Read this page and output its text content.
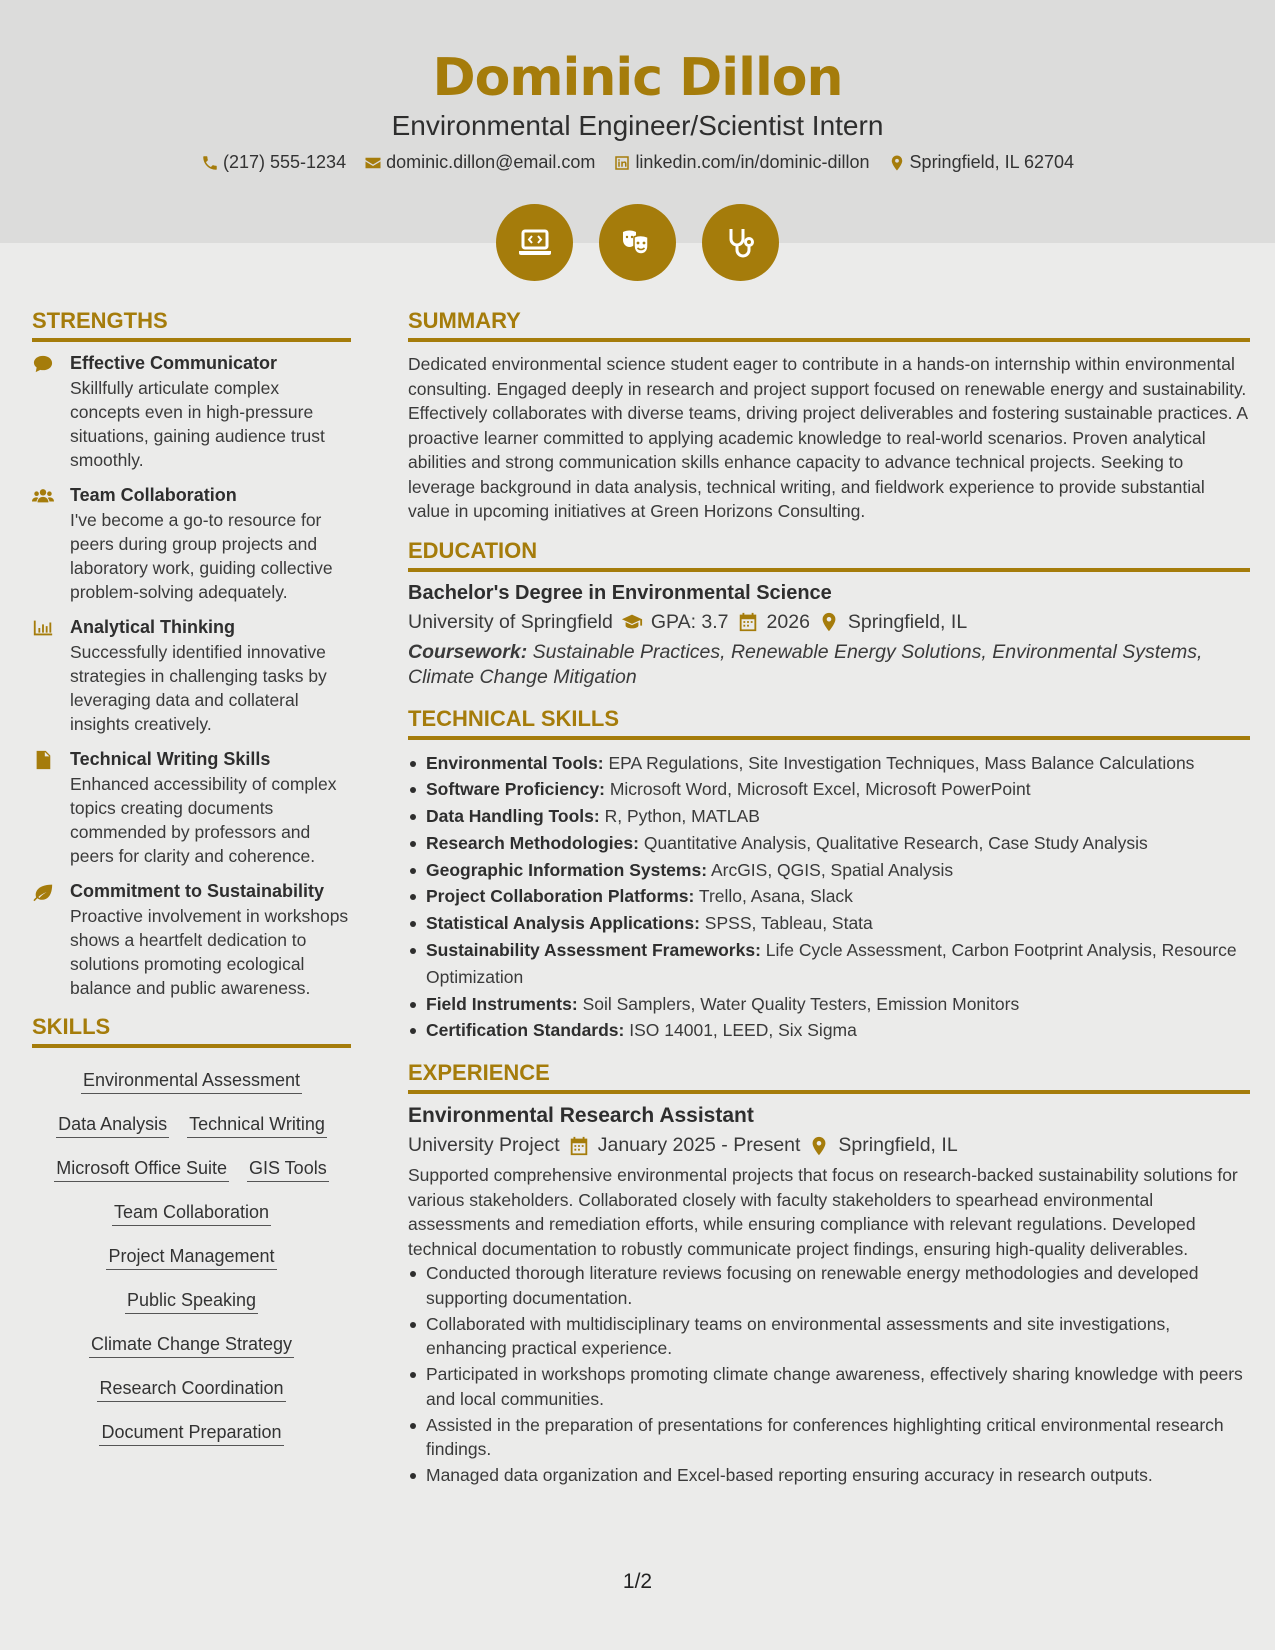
Dominic Dillon
Environmental Engineer/Scientist Intern
(217) 555-1234 dominic.dillon@email.com linkedin.com/in/dominic-dillon Springfield, IL 62704
STRENGTHS
Effective Communicator

Skillfully articulate complex concepts even in high-pressure situations, gaining audience trust smoothly.

Team Collaboration

I've become a go-to resource for peers during group projects and laboratory work, guiding collective problem-solving adequately.

Analytical Thinking

Successfully identified innovative strategies in challenging tasks by leveraging data and collateral insights creatively.

Technical Writing Skills

Enhanced accessibility of complex topics creating documents commended by professors and peers for clarity and coherence.

Commitment to Sustainability

Proactive involvement in workshops shows a heartfelt dedication to solutions promoting ecological balance and public awareness.

SKILLS
Environmental Assessment
Data Analysis Technical Writing
Microsoft Office Suite GIS Tools
Team Collaboration
Project Management
Public Speaking
Climate Change Strategy
Research Coordination
Document Preparation
SUMMARY

Dedicated environmental science student eager to contribute in a hands-on internship within environmental consulting. Engaged deeply in research and project support focused on renewable energy and sustainability. Effectively collaborates with diverse teams, driving project deliverables and fostering sustainable practices. A proactive learner committed to applying academic knowledge to real-world scenarios. Proven analytical abilities and strong communication skills enhance capacity to advance technical projects. Seeking to leverage background in data analysis, technical writing, and fieldwork experience to provide substantial value in upcoming initiatives at Green Horizons Consulting.

EDUCATION
Bachelor's Degree in Environmental Science
University of Springfield GPA: 3.7 2026 Springfield, IL
Coursework: Sustainable Practices, Renewable Energy Solutions, Environmental Systems, Climate Change Mitigation
TECHNICAL SKILLS
Environmental Tools: EPA Regulations, Site Investigation Techniques, Mass Balance Calculations
Software Proficiency: Microsoft Word, Microsoft Excel, Microsoft PowerPoint
Data Handling Tools: R, Python, MATLAB
Research Methodologies: Quantitative Analysis, Qualitative Research, Case Study Analysis
Geographic Information Systems: ArcGIS, QGIS, Spatial Analysis
Project Collaboration Platforms: Trello, Asana, Slack
Statistical Analysis Applications: SPSS, Tableau, Stata
Sustainability Assessment Frameworks: Life Cycle Assessment, Carbon Footprint Analysis, Resource Optimization
Field Instruments: Soil Samplers, Water Quality Testers, Emission Monitors
Certification Standards: ISO 14001, LEED, Six Sigma
EXPERIENCE
Environmental Research Assistant
University Project January 2025 - Present Springfield, IL
Supported comprehensive environmental projects that focus on research-backed sustainability solutions for various stakeholders. Collaborated closely with faculty stakeholders to spearhead environmental assessments and remediation efforts, while ensuring compliance with relevant regulations. Developed technical documentation to robustly communicate project findings, ensuring high-quality deliverables.
Conducted thorough literature reviews focusing on renewable energy methodologies and developed supporting documentation.
Collaborated with multidisciplinary teams on environmental assessments and site investigations, enhancing practical experience.
Participated in workshops promoting climate change awareness, effectively sharing knowledge with peers and local communities.
Assisted in the preparation of presentations for conferences highlighting critical environmental research findings.
Managed data organization and Excel-based reporting ensuring accuracy in research outputs.
1/2
